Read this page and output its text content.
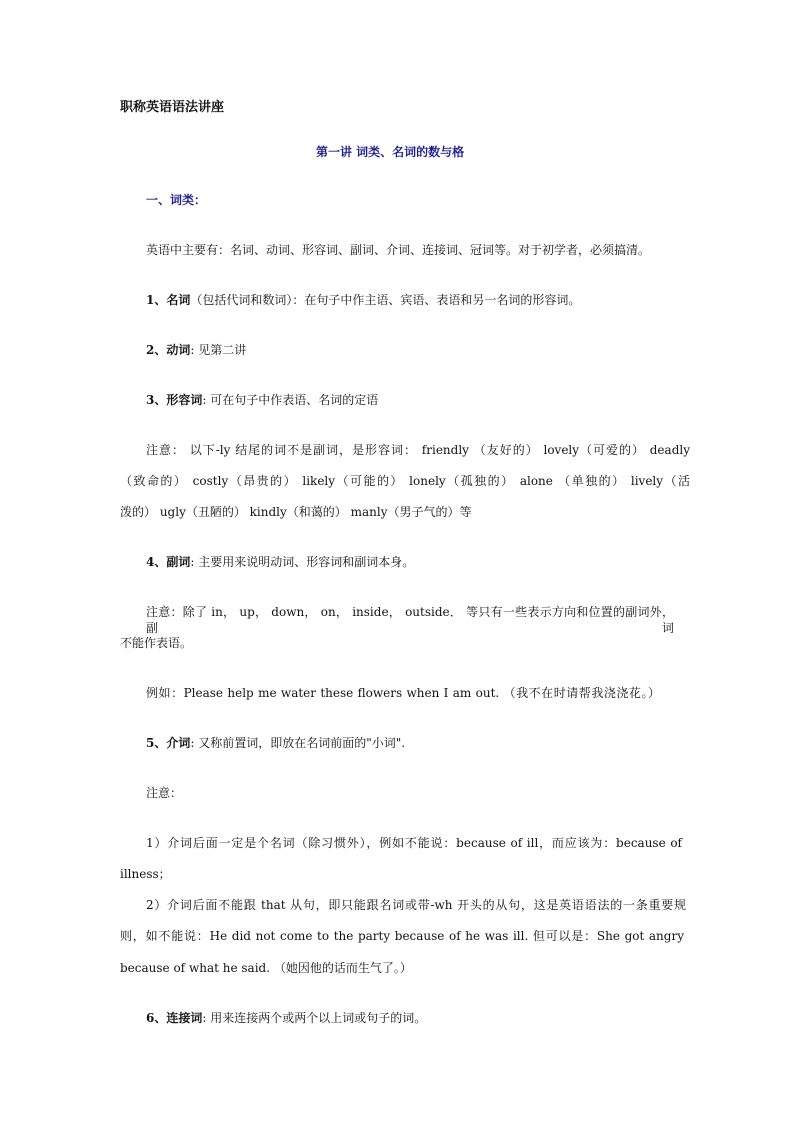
职称英语语法讲座
第一讲 词类、名词的数与格
一、词类：
英语中主要有：名词、动词、形容词、副词、介词、连接词、冠词等。对于初学者，必须搞清。
1、名词（包括代词和数词）：在句子中作主语、宾语、表语和另一名词的形容词。
2、动词: 见第二讲
3、形容词: 可在句子中作表语、名词的定语
注意： 以下-ly 结尾的词不是副词，是形容词： friendly （友好的） lovely（可爱的） deadly
（致命的） costly（昂贵的） likely（可能的） lonely（孤独的） alone （单独的） lively（活
泼的） ugly（丑陋的） kindly（和蔼的） manly（男子气的）等
4、副词: 主要用来说明动词、形容词和副词本身。
注意：除了 in， up， down， on， inside， outside． 等只有一些表示方向和位置的副词外，副词
不能作表语。
例如：Please help me water these flowers when I am out. （我不在时请帮我浇浇花。）
5、介词: 又称前置词，即放在名词前面的"小词".
注意：
1）介词后面一定是个名词（除习惯外），例如不能说：because of ill，而应该为：because of
illness；
2）介词后面不能跟 that 从句，即只能跟名词或带-wh 开头的从句，这是英语语法的一条重要规
则，如不能说：He did not come to the party because of he was ill. 但可以是：She got angry
because of what he said. （她因他的话而生气了。）
6、连接词: 用来连接两个或两个以上词或句子的词。
